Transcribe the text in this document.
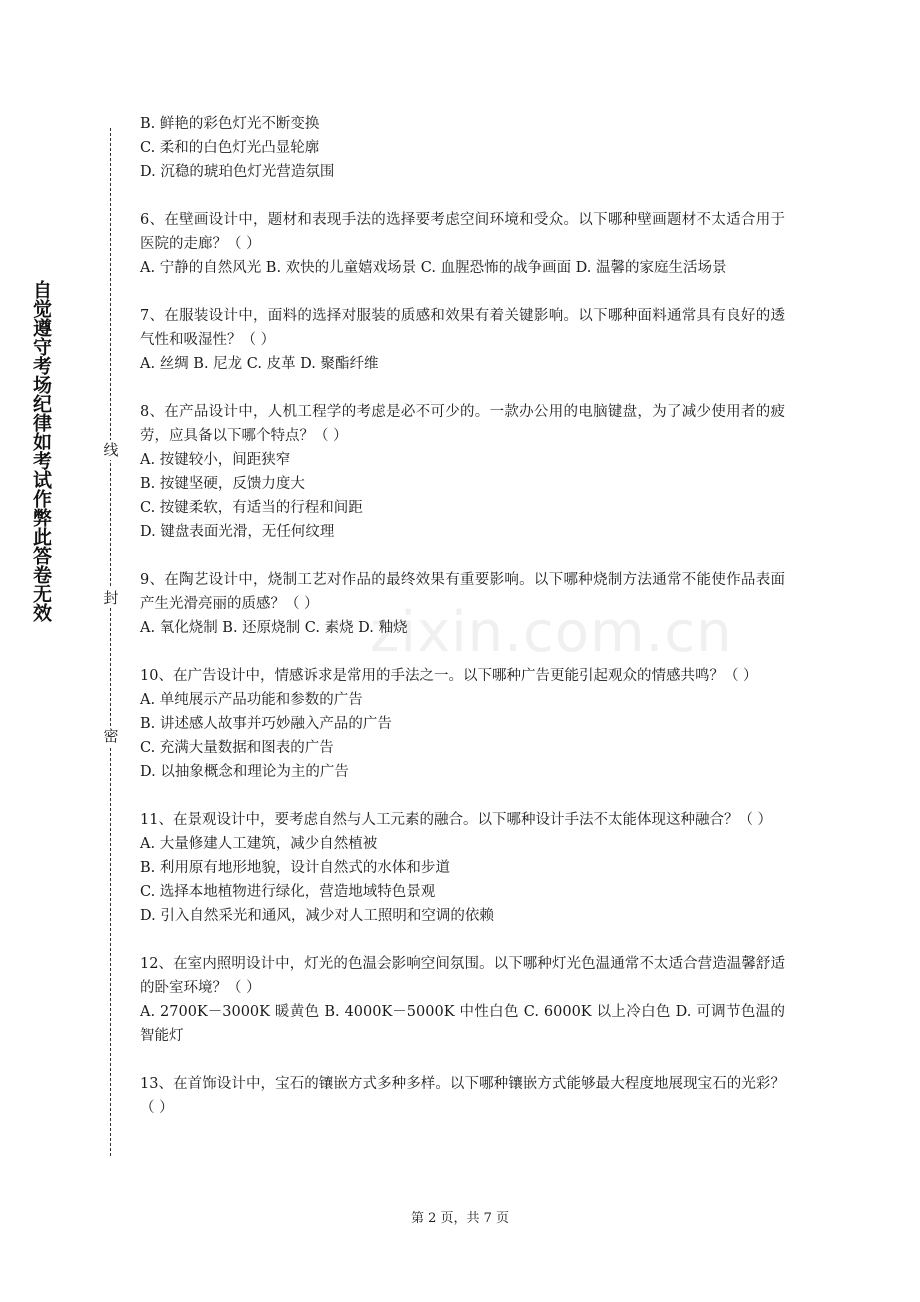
自觉遵守考场纪律如考试作弊此答卷无效	线
封
密
zixin.com.cn
B. 鲜艳的彩色灯光不断变换
C. 柔和的白色灯光凸显轮廓
D. 沉稳的琥珀色灯光营造氛围
6、在壁画设计中，题材和表现手法的选择要考虑空间环境和受众。以下哪种壁画题材不太适合用于医院的走廊？（ ）
A. 宁静的自然风光 B. 欢快的儿童嬉戏场景 C. 血腥恐怖的战争画面 D. 温馨的家庭生活场景
7、在服装设计中，面料的选择对服装的质感和效果有着关键影响。以下哪种面料通常具有良好的透气性和吸湿性？（ ）
A. 丝绸 B. 尼龙 C. 皮革 D. 聚酯纤维
8、在产品设计中，人机工程学的考虑是必不可少的。一款办公用的电脑键盘，为了减少使用者的疲劳，应具备以下哪个特点？（ ）
A. 按键较小，间距狭窄
B. 按键坚硬，反馈力度大
C. 按键柔软，有适当的行程和间距
D. 键盘表面光滑，无任何纹理
9、在陶艺设计中，烧制工艺对作品的最终效果有重要影响。以下哪种烧制方法通常不能使作品表面产生光滑亮丽的质感？（ ）
A. 氧化烧制 B. 还原烧制 C. 素烧 D. 釉烧
10、在广告设计中，情感诉求是常用的手法之一。以下哪种广告更能引起观众的情感共鸣？（ ）
A. 单纯展示产品功能和参数的广告
B. 讲述感人故事并巧妙融入产品的广告
C. 充满大量数据和图表的广告
D. 以抽象概念和理论为主的广告
11、在景观设计中，要考虑自然与人工元素的融合。以下哪种设计手法不太能体现这种融合？（ ）
A. 大量修建人工建筑，减少自然植被
B. 利用原有地形地貌，设计自然式的水体和步道
C. 选择本地植物进行绿化，营造地域特色景观
D. 引入自然采光和通风，减少对人工照明和空调的依赖
12、在室内照明设计中，灯光的色温会影响空间氛围。以下哪种灯光色温通常不太适合营造温馨舒适的卧室环境？（ ）
A. 2700K－3000K 暖黄色 B. 4000K－5000K 中性白色 C. 6000K 以上冷白色 D. 可调节色温的智能灯
13、在首饰设计中，宝石的镶嵌方式多种多样。以下哪种镶嵌方式能够最大程度地展现宝石的光彩？（ ）
第 2 页，共 7 页
